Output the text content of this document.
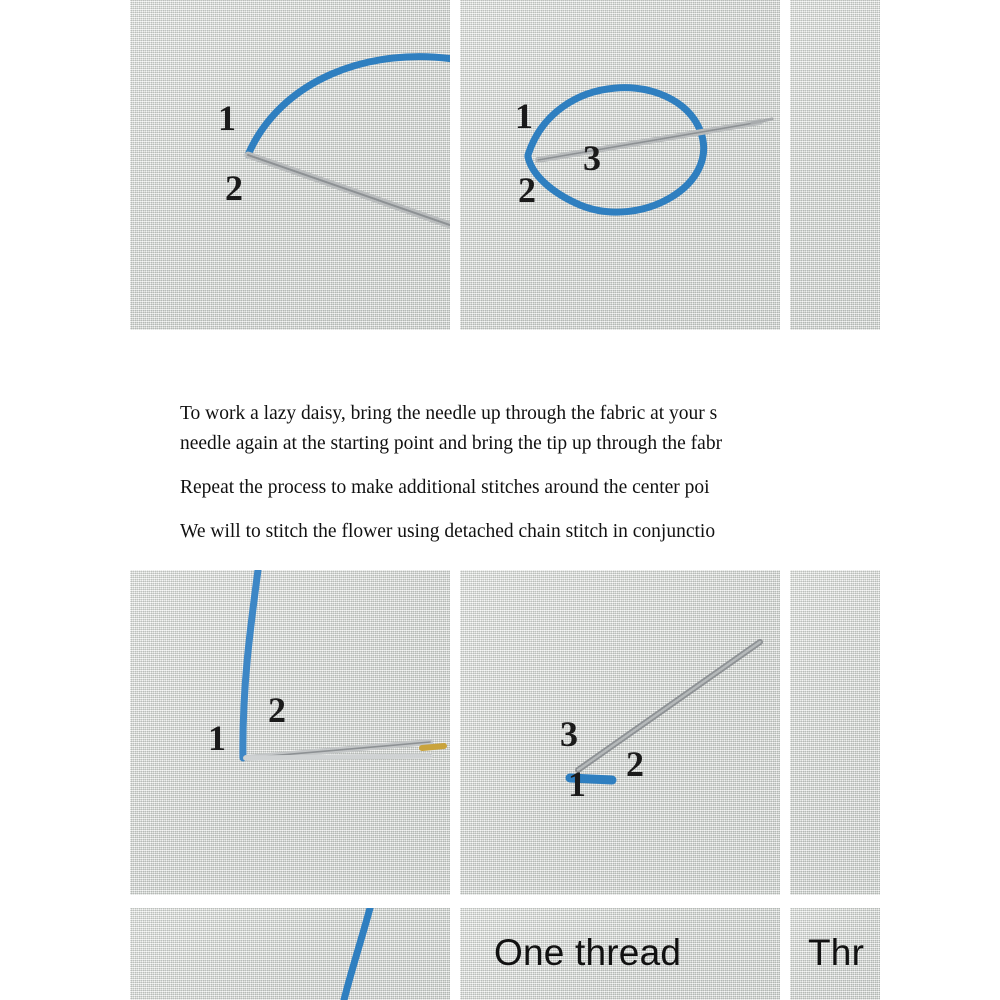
1
2
1
2
3

To work a lazy daisy, bring the needle up through the fabric at your s

needle again at the starting point and bring the tip up through the fabr

Repeat the process to make additional stitches around the center poi

We will to stitch the flower using detached chain stitch in conjunctio

1
2
3
1 2
One thread	Thr
